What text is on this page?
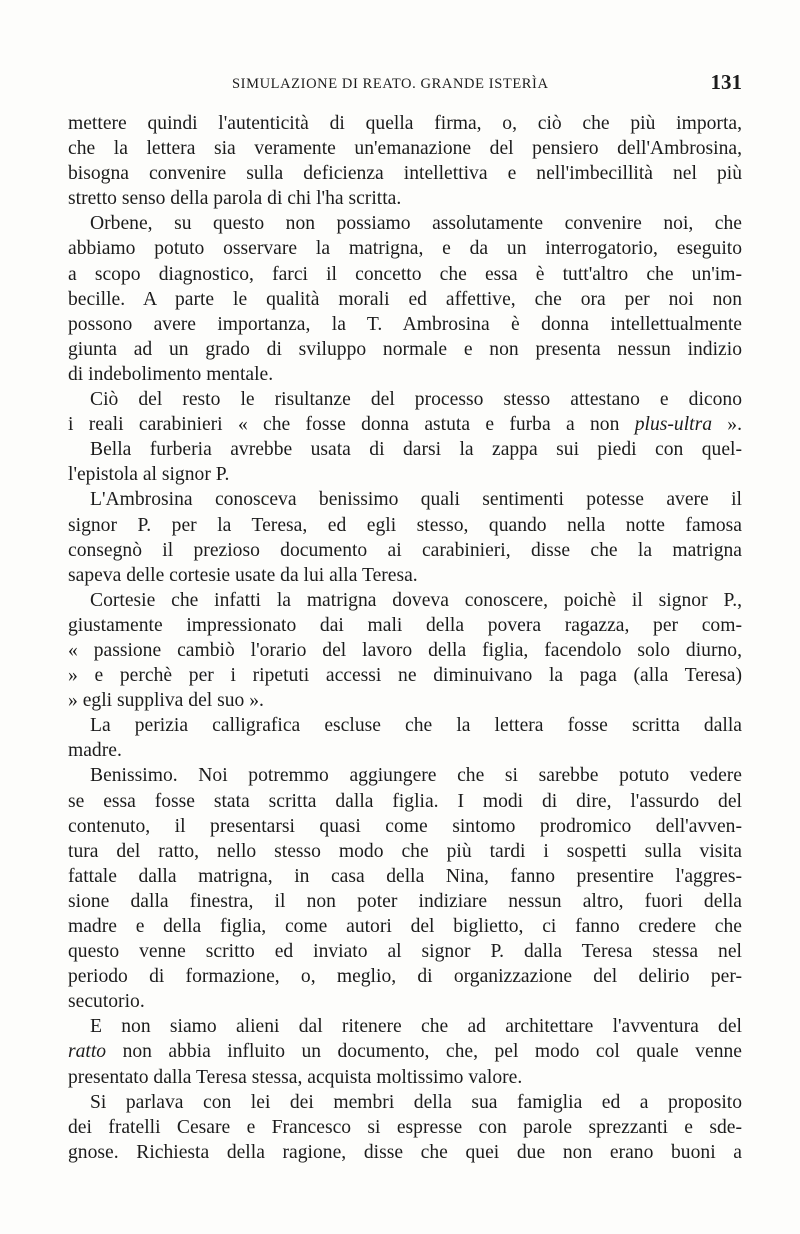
SIMULAZIONE DI REATO. GRANDE ISTERÌA	131
mettere quindi l'autenticità di quella firma, o, ciò che più importa,
che la lettera sia veramente un'emanazione del pensiero dell'Ambrosina,
bisogna convenire sulla deficienza intellettiva e nell'imbecillità nel più
stretto senso della parola di chi l'ha scritta.
Orbene, su questo non possiamo assolutamente convenire noi, che
abbiamo potuto osservare la matrigna, e da un interrogatorio, eseguito
a scopo diagnostico, farci il concetto che essa è tutt'altro che un'im-
becille. A parte le qualità morali ed affettive, che ora per noi non
possono avere importanza, la T. Ambrosina è donna intellettualmente
giunta ad un grado di sviluppo normale e non presenta nessun indizio
di indebolimento mentale.
Ciò del resto le risultanze del processo stesso attestano e dicono
i reali carabinieri « che fosse donna astuta e furba a non plus-ultra ».
Bella furberia avrebbe usata di darsi la zappa sui piedi con quel-
l'epistola al signor P.
L'Ambrosina conosceva benissimo quali sentimenti potesse avere il
signor P. per la Teresa, ed egli stesso, quando nella notte famosa
consegnò il prezioso documento ai carabinieri, disse che la matrigna
sapeva delle cortesie usate da lui alla Teresa.
Cortesie che infatti la matrigna doveva conoscere, poichè il signor P.,
giustamente impressionato dai mali della povera ragazza, per com-
« passione cambiò l'orario del lavoro della figlia, facendolo solo diurno,
» e perchè per i ripetuti accessi ne diminuivano la paga (alla Teresa)
» egli suppliva del suo ».
La perizia calligrafica escluse che la lettera fosse scritta dalla
madre.
Benissimo. Noi potremmo aggiungere che si sarebbe potuto vedere
se essa fosse stata scritta dalla figlia. I modi di dire, l'assurdo del
contenuto, il presentarsi quasi come sintomo prodromico dell'avven-
tura del ratto, nello stesso modo che più tardi i sospetti sulla visita
fattale dalla matrigna, in casa della Nina, fanno presentire l'aggres-
sione dalla finestra, il non poter indiziare nessun altro, fuori della
madre e della figlia, come autori del biglietto, ci fanno credere che
questo venne scritto ed inviato al signor P. dalla Teresa stessa nel
periodo di formazione, o, meglio, di organizzazione del delirio per-
secutorio.
E non siamo alieni dal ritenere che ad architettare l'avventura del
ratto non abbia influito un documento, che, pel modo col quale venne
presentato dalla Teresa stessa, acquista moltissimo valore.
Si parlava con lei dei membri della sua famiglia ed a proposito
dei fratelli Cesare e Francesco si espresse con parole sprezzanti e sde-
gnose. Richiesta della ragione, disse che quei due non erano buoni a
